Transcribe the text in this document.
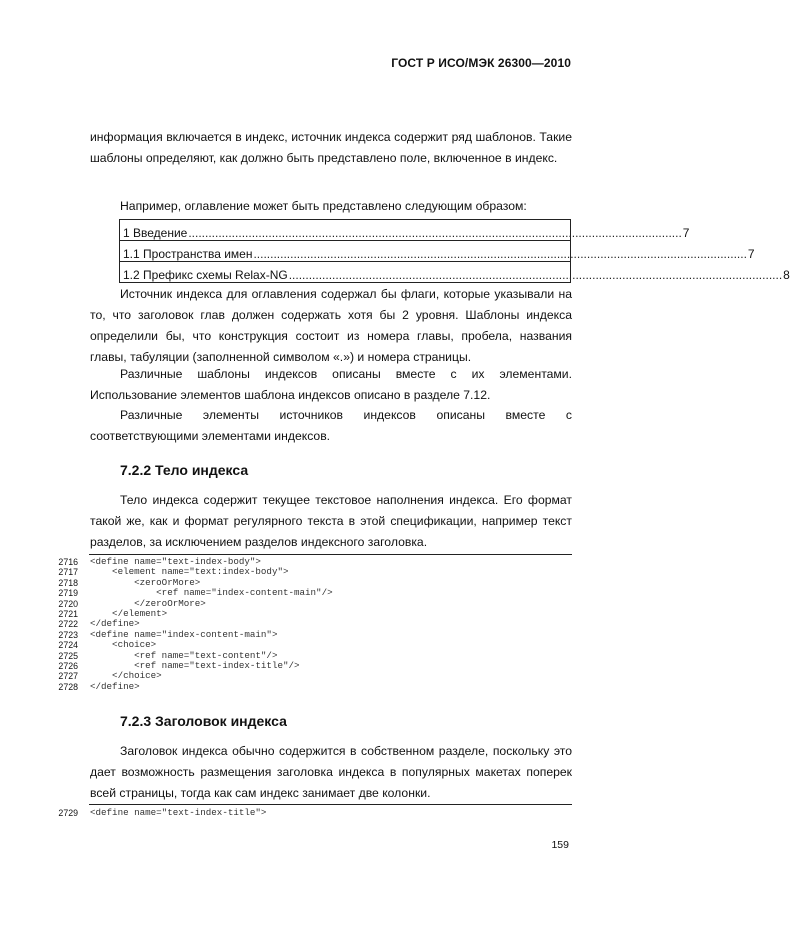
ГОСТ Р ИСО/МЭК 26300—2010
информация включается в индекс, источник индекса содержит ряд шаблонов. Такие шаблоны определяют, как должно быть представлено поле, включенное в индекс.
Например, оглавление может быть представлено следующим образом:
1 Введение .................................................................................................................................................... 7
1.1 Пространства имен .................................................................................................................................................... 7
1.2 Префикс схемы Relax-NG .................................................................................................................................................... 8
Источник индекса для оглавления содержал бы флаги, которые указывали на то, что заголовок глав должен содержать хотя бы 2 уровня. Шаблоны индекса определили бы, что конструкция состоит из номера главы, пробела, названия главы, табуляции (заполненной символом «.») и номера страницы.
Различные шаблоны индексов описаны вместе с их элементами. Использование элементов шаблона индексов описано в разделе 7.12.
Различные элементы источников индексов описаны вместе с соответствующими элементами индексов.
7.2.2 Тело индекса
Тело индекса содержит текущее текстовое наполнения индекса. Его формат такой же, как и формат регулярного текста в этой спецификации, например текст разделов, за исключением разделов индексного заголовка.
2716 <define name="text-index-body">
2717 <element name="text:index-body">
2718 <zeroOrMore>
2719 <ref name="index-content-main"/>
2720 </zeroOrMore>
2721 </element>
2722 </define>
2723 <define name="index-content-main">
2724 <choice>
2725 <ref name="text-content"/>
2726 <ref name="text-index-title"/>
2727 </choice>
2728 </define>
7.2.3 Заголовок индекса
Заголовок индекса обычно содержится в собственном разделе, поскольку это дает возможность размещения заголовка индекса в популярных макетах поперек всей страницы, тогда как сам индекс занимает две колонки.
2729 <define name="text-index-title">
159
